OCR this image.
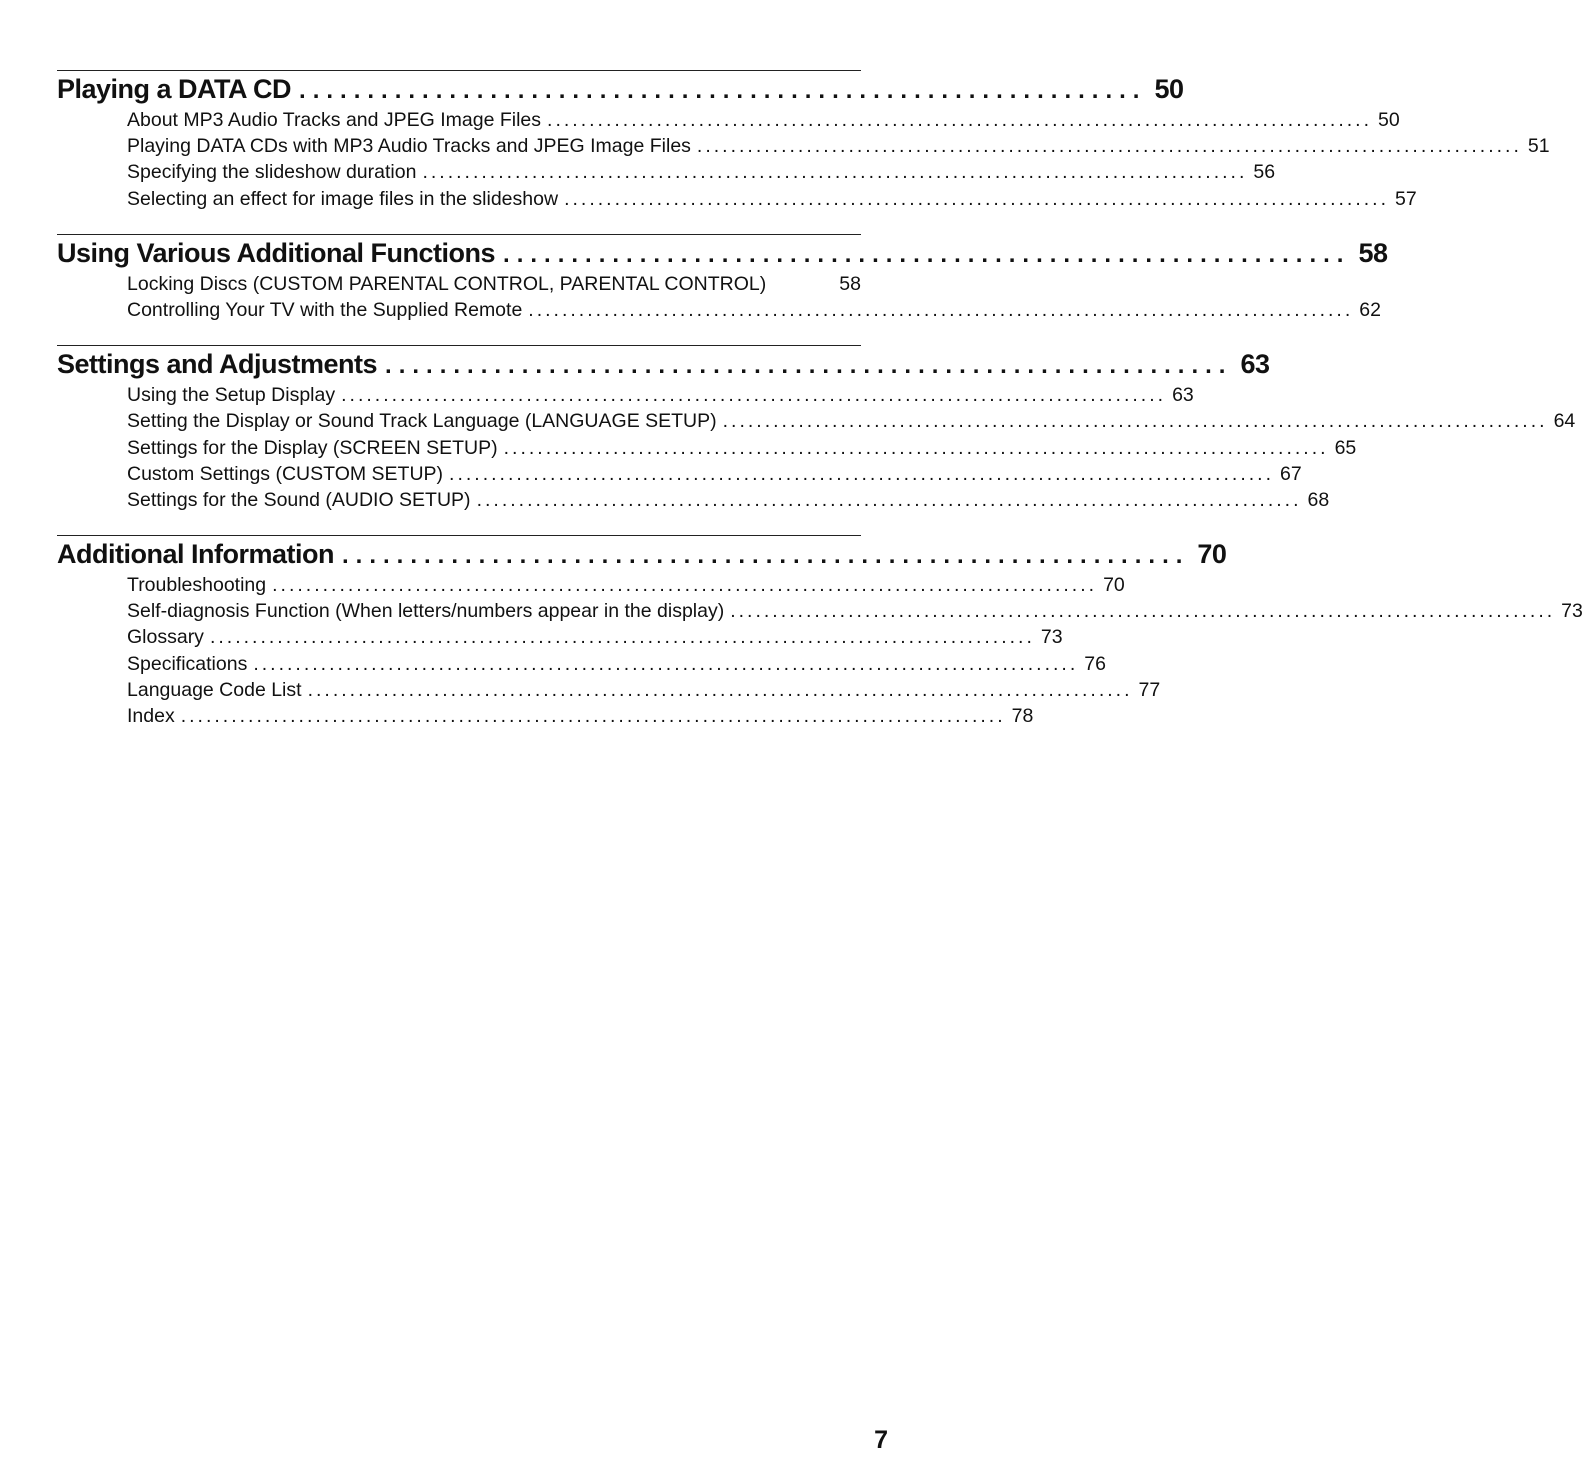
Playing a DATA CD .............................................................. 50
About MP3 Audio Tracks and JPEG Image Files .................................................................................................. 50
Playing DATA CDs with MP3 Audio Tracks and JPEG Image Files .................................................................................................. 51
Specifying the slideshow duration .................................................................................................. 56
Selecting an effect for image files in the slideshow .................................................................................................. 57
Using Various Additional Functions .............................................................. 58
Locking Discs (CUSTOM PARENTAL CONTROL, PARENTAL CONTROL)	58
Controlling Your TV with the Supplied Remote .................................................................................................. 62
Settings and Adjustments .............................................................. 63
Using the Setup Display .................................................................................................. 63
Setting the Display or Sound Track Language (LANGUAGE SETUP) .................................................................................................. 64
Settings for the Display (SCREEN SETUP) .................................................................................................. 65
Custom Settings (CUSTOM SETUP) .................................................................................................. 67
Settings for the Sound (AUDIO SETUP) .................................................................................................. 68
Additional Information .............................................................. 70
Troubleshooting .................................................................................................. 70
Self-diagnosis Function (When letters/numbers appear in the display) .................................................................................................. 73
Glossary .................................................................................................. 73
Specifications .................................................................................................. 76
Language Code List .................................................................................................. 77
Index .................................................................................................. 78
7
